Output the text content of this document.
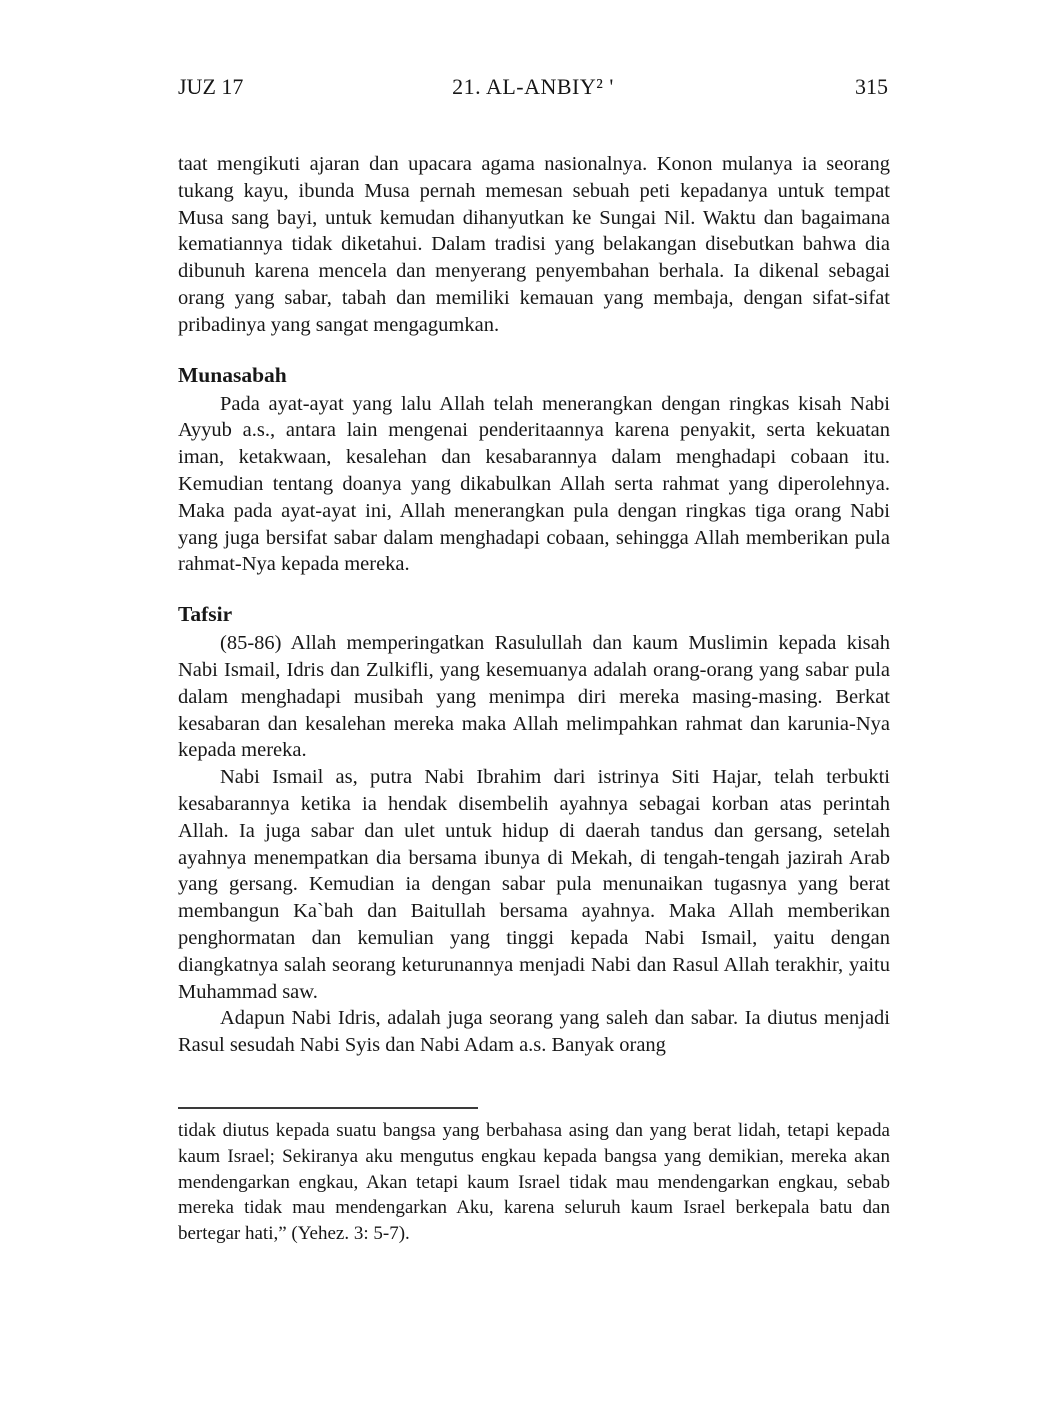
JUZ 17	21. AL-ANBIY² '	315

taat mengikuti ajaran dan upacara agama nasionalnya. Konon mulanya ia seorang tukang kayu, ibunda Musa pernah memesan sebuah peti kepadanya untuk tempat Musa sang bayi, untuk kemudan dihanyutkan ke Sungai Nil. Waktu dan bagaimana kematiannya tidak diketahui. Dalam tradisi yang belakangan disebutkan bahwa dia dibunuh karena mencela dan menyerang penyembahan berhala. Ia dikenal sebagai orang yang sabar, tabah dan memiliki kemauan yang membaja, dengan sifat-sifat pribadinya yang sangat mengagumkan.

Munasabah

Pada ayat-ayat yang lalu Allah telah menerangkan dengan ringkas kisah Nabi Ayyub a.s., antara lain mengenai penderitaannya karena penyakit, serta kekuatan iman, ketakwaan, kesalehan dan kesabarannya dalam menghadapi cobaan itu. Kemudian tentang doanya yang dikabulkan Allah serta rahmat yang diperolehnya. Maka pada ayat-ayat ini, Allah menerangkan pula dengan ringkas tiga orang Nabi yang juga bersifat sabar dalam menghadapi cobaan, sehingga Allah memberikan pula rahmat-Nya kepada mereka.

Tafsir

(85-86) Allah memperingatkan Rasulullah dan kaum Muslimin kepada kisah Nabi Ismail, Idris dan Zulkifli, yang kesemuanya adalah orang-orang yang sabar pula dalam menghadapi musibah yang menimpa diri mereka masing-masing. Berkat kesabaran dan kesalehan mereka maka Allah melimpahkan rahmat dan karunia-Nya kepada mereka.

Nabi Ismail as, putra Nabi Ibrahim dari istrinya Siti Hajar, telah terbukti kesabarannya ketika ia hendak disembelih ayahnya sebagai korban atas perintah Allah. Ia juga sabar dan ulet untuk hidup di daerah tandus dan gersang, setelah ayahnya menempatkan dia bersama ibunya di Mekah, di tengah-tengah jazirah Arab yang gersang. Kemudian ia dengan sabar pula menunaikan tugasnya yang berat membangun Ka`bah dan Baitullah bersama ayahnya. Maka Allah memberikan penghormatan dan kemulian yang tinggi kepada Nabi Ismail, yaitu dengan diangkatnya salah seorang keturunannya menjadi Nabi dan Rasul Allah terakhir, yaitu Muhammad saw.

Adapun Nabi Idris, adalah juga seorang yang saleh dan sabar. Ia diutus menjadi Rasul sesudah Nabi Syis dan Nabi Adam a.s. Banyak orang

tidak diutus kepada suatu bangsa yang berbahasa asing dan yang berat lidah, tetapi kepada kaum Israel; Sekiranya aku mengutus engkau kepada bangsa yang demikian, mereka akan mendengarkan engkau, Akan tetapi kaum Israel tidak mau mendengarkan engkau, sebab mereka tidak mau mendengarkan Aku, karena seluruh kaum Israel berkepala batu dan bertegar hati,” (Yehez. 3: 5-7).
